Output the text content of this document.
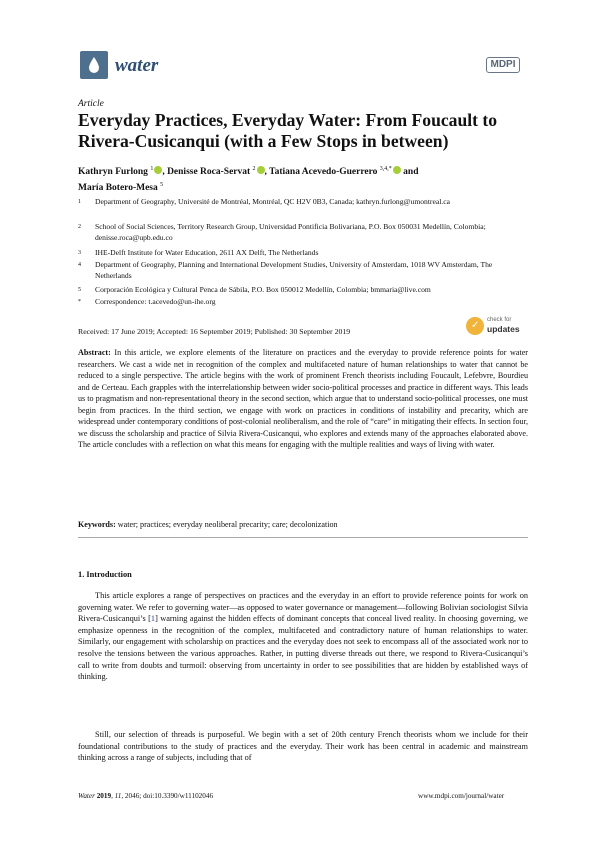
water	MDPI
Article
Everyday Practices, Everyday Water: From Foucault to Rivera-Cusicanqui (with a Few Stops in between)
Kathryn Furlong $^1$ , Denisse Roca-Servat $^2$ , Tatiana Acevedo-Guerrero $^{3,4,*}$ and
María Botero-Mesa $^5$
1 Department of Geography, Université de Montréal, Montréal, QC H2V 0B3, Canada; kathryn.furlong@umontreal.ca
2 School of Social Sciences, Territory Research Group, Universidad Pontificia Bolivariana, P.O. Box 050031 Medellín, Colombia; denisse.roca@upb.edu.co
3 IHE-Delft Institute for Water Education, 2611 AX Delft, The Netherlands
4 Department of Geography, Planning and International Development Studies, University of Amsterdam, 1018 WV Amsterdam, The Netherlands
5 Corporación Ecológica y Cultural Penca de Sábila, P.O. Box 050012 Medellín, Colombia; bmmaria@live.com
* Correspondence: t.acevedo@un-ihe.org
Received: 17 June 2019; Accepted: 16 September 2019; Published: 30 September 2019
✓ check for
updates
Abstract: In this article, we explore elements of the literature on practices and the everyday to provide reference points for water researchers. We cast a wide net in recognition of the complex and multifaceted nature of human relationships to water that cannot be reduced to a single perspective. The article begins with the work of prominent French theorists including Foucault, Lefebvre, Bourdieu and de Certeau. Each grapples with the interrelationship between wider socio-political processes and practice in different ways. This leads us to pragmatism and non-representational theory in the second section, which argue that to understand socio-political processes, one must begin from practices. In the third section, we engage with work on practices in conditions of instability and precarity, which are widespread under contemporary conditions of post-colonial neoliberalism, and the role of “care” in mitigating their effects. In section four, we discuss the scholarship and practice of Silvia Rivera-Cusicanqui, who explores and extends many of the approaches elaborated above. The article concludes with a reflection on what this means for engaging with the multiple realities and ways of living with water.
Keywords: water; practices; everyday neoliberal precarity; care; decolonization
1. Introduction
This article explores a range of perspectives on practices and the everyday in an effort to provide reference points for work on governing water. We refer to governing water—as opposed to water governance or management—following Bolivian sociologist Silvia Rivera-Cusicanqui’s [1] warning against the hidden effects of dominant concepts that conceal lived reality. In choosing governing, we emphasize openness in the recognition of the complex, multifaceted and contradictory nature of human relationships to water. Similarly, our engagement with scholarship on practices and the everyday does not seek to encompass all of the associated work nor to resolve the tensions between the various approaches. Rather, in putting diverse threads out there, we respond to Rivera-Cusicanqui’s call to write from doubts and turmoil: observing from uncertainty in order to see possibilities that are hidden by established ways of thinking.
Still, our selection of threads is purposeful. We begin with a set of 20th century French theorists whom we include for their foundational contributions to the study of practices and the everyday. Their work has been central in academic and mainstream thinking across a range of subjects, including that of
Water 2019, 11, 2046; doi:10.3390/w11102046	www.mdpi.com/journal/water
